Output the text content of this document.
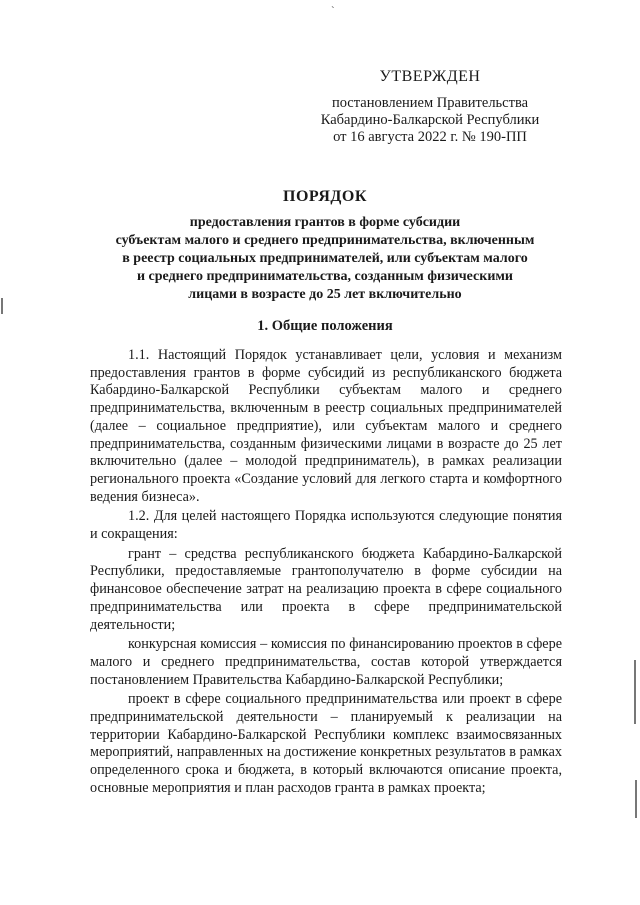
`
УТВЕРЖДЕН
постановлением Правительства
Кабардино-Балкарской Республики
от 16 августа 2022 г. № 190-ПП
ПОРЯДОК
предоставления грантов в форме субсидии
субъектам малого и среднего предпринимательства, включенным
в реестр социальных предпринимателей, или субъектам малого
и среднего предпринимательства, созданным физическими
лицами в возрасте до 25 лет включительно
1. Общие положения

1.1. Настоящий Порядок устанавливает цели, условия и механизм предоставления грантов в форме субсидий из республиканского бюджета Кабардино-Балкарской Республики субъектам малого и среднего предпринимательства, включенным в реестр социальных предпринимателей (далее – социальное предприятие), или субъектам малого и среднего предпринимательства, созданным физическими лицами в возрасте до 25 лет включительно (далее – молодой предприниматель), в рамках реализации регионального проекта «Создание условий для легкого старта и комфортного ведения бизнеса».

1.2. Для целей настоящего Порядка используются следующие понятия и сокращения:

грант – средства республиканского бюджета Кабардино-Балкарской Республики, предоставляемые грантополучателю в форме субсидии на финансовое обеспечение затрат на реализацию проекта в сфере социального предпринимательства или проекта в сфере предпринимательской деятельности;

конкурсная комиссия – комиссия по финансированию проектов в сфере малого и среднего предпринимательства, состав которой утверждается постановлением Правительства Кабардино-Балкарской Республики;

проект в сфере социального предпринимательства или проект в сфере предпринимательской деятельности – планируемый к реализации на территории Кабардино-Балкарской Республики комплекс взаимосвязанных мероприятий, направленных на достижение конкретных результатов в рамках определенного срока и бюджета, в который включаются описание проекта, основные мероприятия и план расходов гранта в рамках проекта;
